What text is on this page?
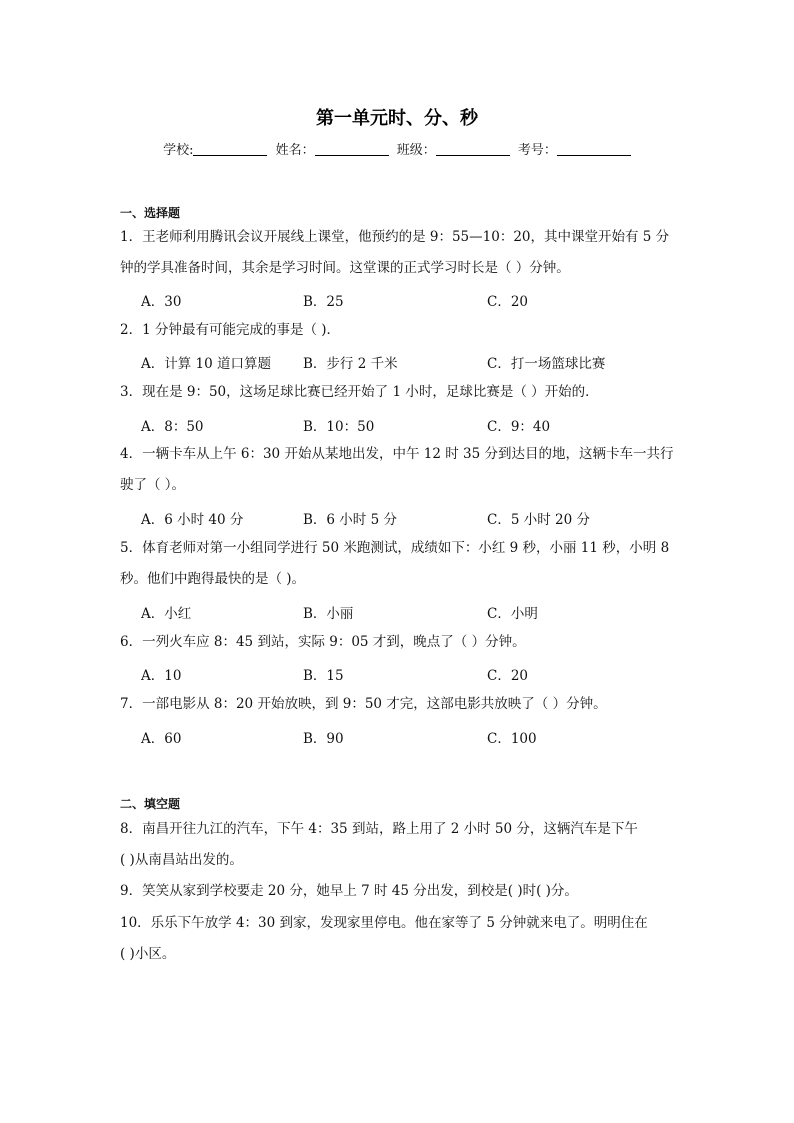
第一单元时、分、秒
学校:	姓名：	班级：	考号：
一、选择题
1．王老师利用腾讯会议开展线上课堂，他预约的是 9：55—10：20，其中课堂开始有 5 分
钟的学具准备时间，其余是学习时间。这堂课的正式学习时长是（ ）分钟。
A．30	B．25	C．20
2．1 分钟最有可能完成的事是（ )．
A．计算 10 道口算题 B．步行 2 千米	C．打一场篮球比赛
3．现在是 9：50，这场足球比赛已经开始了 1 小时，足球比赛是（ ）开始的．
A．8：50	B．10：50	C．9：40
4．一辆卡车从上午 6：30 开始从某地出发，中午 12 时 35 分到达目的地，这辆卡车一共行
驶了（ ）。
A．6 小时 40 分	B．6 小时 5 分	C．5 小时 20 分
5．体育老师对第一小组同学进行 50 米跑测试，成绩如下：小红 9 秒，小丽 11 秒，小明 8
秒。他们中跑得最快的是（ )。
A．小红	B．小丽	C．小明
6．一列火车应 8：45 到站，实际 9：05 才到，晚点了（ ）分钟。
A．10	B．15	C．20
7．一部电影从 8：20 开始放映，到 9：50 才完，这部电影共放映了（ ）分钟。
A．60	B．90	C．100
二、填空题
8．南昌开往九江的汽车，下午 4：35 到站，路上用了 2 小时 50 分，这辆汽车是下午
( )从南昌站出发的。
9．笑笑从家到学校要走 20 分，她早上 7 时 45 分出发，到校是( )时( )分。
10．乐乐下午放学 4：30 到家，发现家里停电。他在家等了 5 分钟就来电了。明明住在
( )小区。
